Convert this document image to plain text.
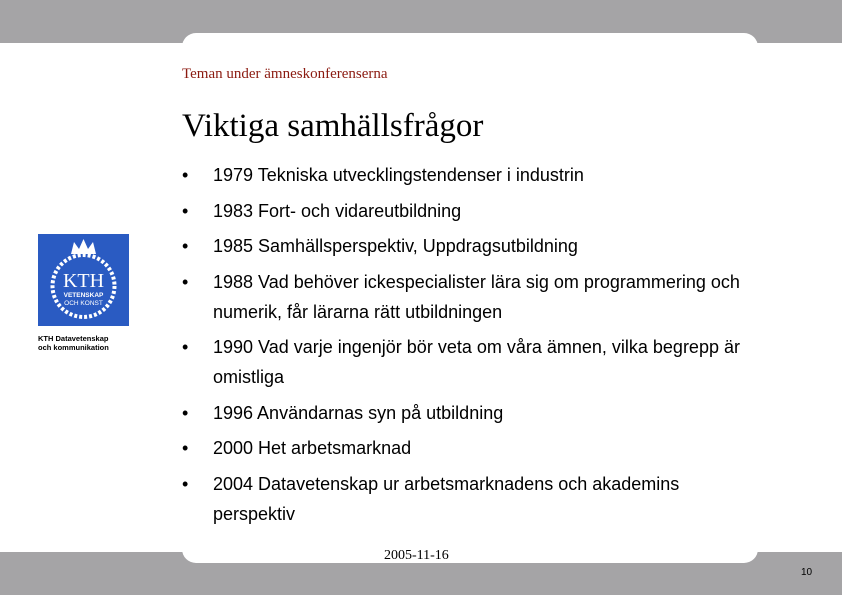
Teman under ämneskonferenserna
Viktiga samhällsfrågor
• 1979 Tekniska utvecklingstendenser i industrin
• 1983 Fort- och vidareutbildning
• 1985 Samhällsperspektiv, Uppdragsutbildning
• 1988 Vad behöver ickespecialister lära sig om programmering och numerik, får lärarna rätt utbildningen
• 1990 Vad varje ingenjör bör veta om våra ämnen, vilka begrepp är omistliga
• 1996 Användarnas syn på utbildning
• 2000 Het arbetsmarknad
• 2004 Datavetenskap ur arbetsmarknadens och akademins perspektiv
KTH
VETENSKAP
OCH KONST
KTH Datavetenskap
och kommunikation
2005-11-16
10
